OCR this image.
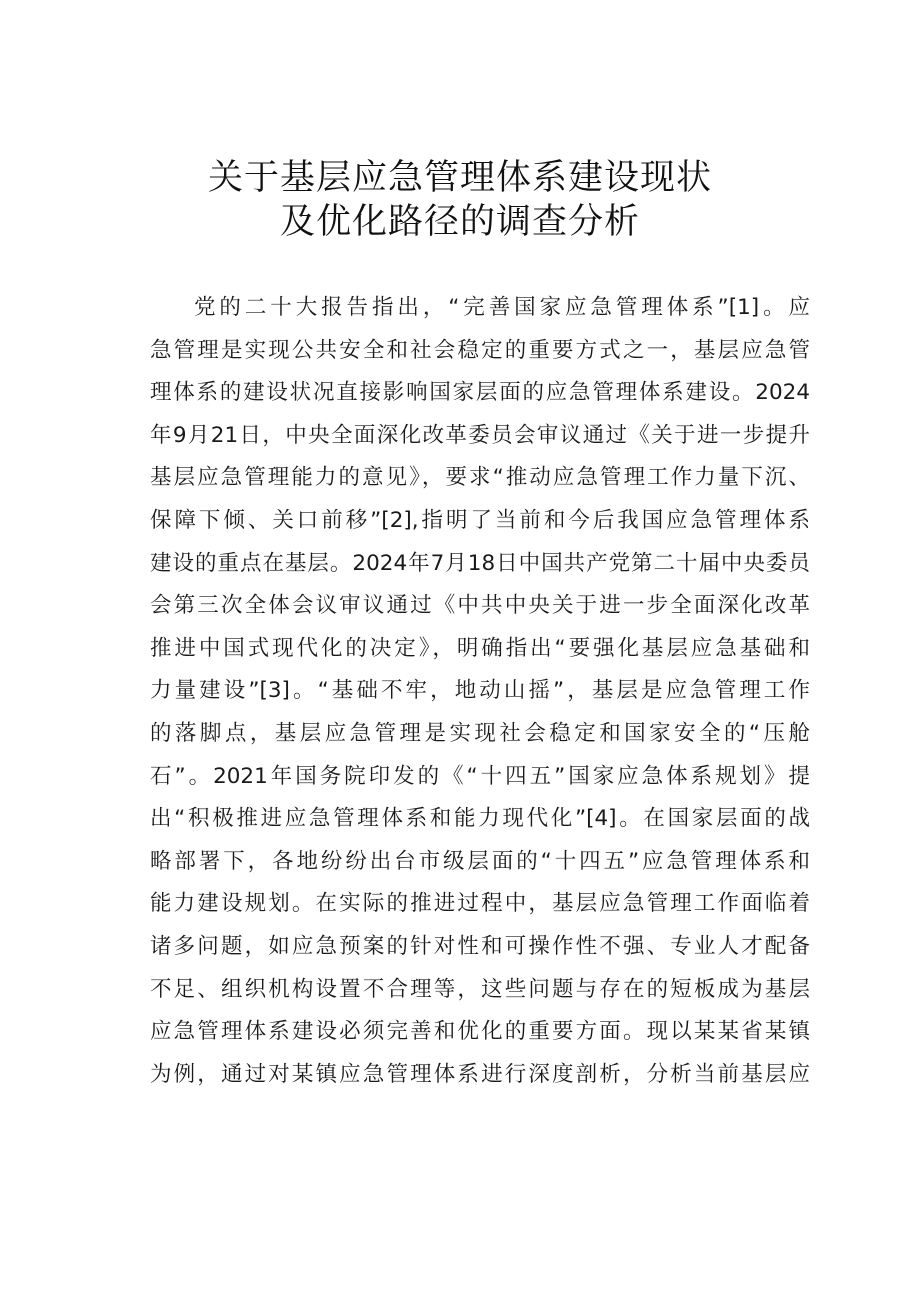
关于基层应急管理体系建设现状
及优化路径的调查分析
党的二十大报告指出，“完善国家应急管理体系”[1]。应
急管理是实现公共安全和社会稳定的重要方式之一，基层应急管
理体系的建设状况直接影响国家层面的应急管理体系建设。2024
年9月21日，中央全面深化改革委员会审议通过《关于进一步提升
基层应急管理能力的意见》，要求“推动应急管理工作力量下沉、
保障下倾、关口前移”[2],指明了当前和今后我国应急管理体系
建设的重点在基层。2024年7月18日中国共产党第二十届中央委员
会第三次全体会议审议通过《中共中央关于进一步全面深化改革
推进中国式现代化的决定》，明确指出“要强化基层应急基础和
力量建设”[3]。“基础不牢，地动山摇”，基层是应急管理工作
的落脚点，基层应急管理是实现社会稳定和国家安全的“压舱
石”。2021年国务院印发的《“十四五”国家应急体系规划》提
出“积极推进应急管理体系和能力现代化”[4]。在国家层面的战
略部署下，各地纷纷出台市级层面的“十四五”应急管理体系和
能力建设规划。在实际的推进过程中，基层应急管理工作面临着
诸多问题，如应急预案的针对性和可操作性不强、专业人才配备
不足、组织机构设置不合理等，这些问题与存在的短板成为基层
应急管理体系建设必须完善和优化的重要方面。现以某某省某镇
为例，通过对某镇应急管理体系进行深度剖析，分析当前基层应
